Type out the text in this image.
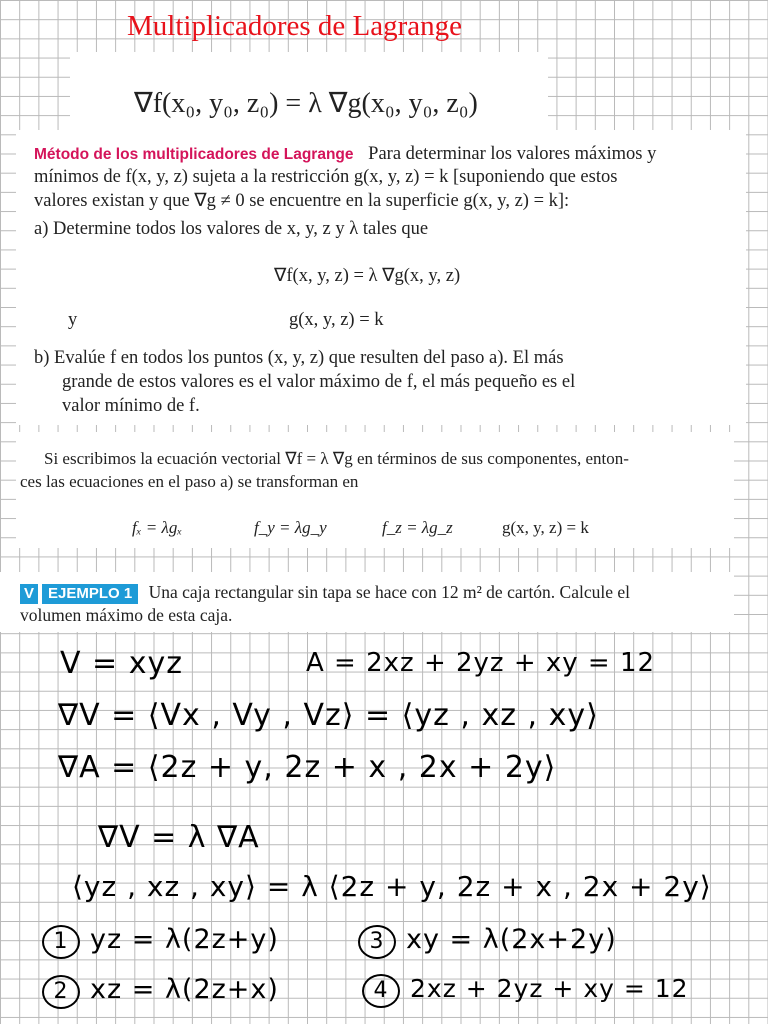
Multiplicadores de Lagrange
∇f(x₀, y₀, z₀) = λ ∇g(x₀, y₀, z₀)
Método de los multiplicadores de Lagrange Para determinar los valores máximos y
mínimos de f(x, y, z) sujeta a la restricción g(x, y, z) = k [suponiendo que estos
valores existan y que ∇g ≠ 0 se encuentre en la superficie g(x, y, z) = k]:
a) Determine todos los valores de x, y, z y λ tales que
∇f(x, y, z) = λ ∇g(x, y, z)
y	g(x, y, z) = k
b) Evalúe f en todos los puntos (x, y, z) que resulten del paso a). El más
grande de estos valores es el valor máximo de f, el más pequeño es el
valor mínimo de f.
Si escribimos la ecuación vectorial ∇f = λ ∇g en términos de sus componentes, enton-
ces las ecuaciones en el paso a) se transforman en
fₓ = λgₓ	f_y = λg_y	f_z = λg_z	g(x, y, z) = k
V EJEMPLO 1 Una caja rectangular sin tapa se hace con 12 m² de cartón. Calcule el
volumen máximo de esta caja.
V = xyz	A = 2xz + 2yz + xy = 12
∇V = ⟨Vx , Vy , Vz⟩ = ⟨yz , xz , xy⟩
∇A = ⟨2z + y, 2z + x , 2x + 2y⟩
∇V = λ ∇A
⟨yz , xz , xy⟩ = λ ⟨2z + y, 2z + x , 2x + 2y⟩
1 yz = λ(2z+y)	3 xy = λ(2x+2y)
2 xz = λ(2z+x)	4 2xz + 2yz + xy = 12
